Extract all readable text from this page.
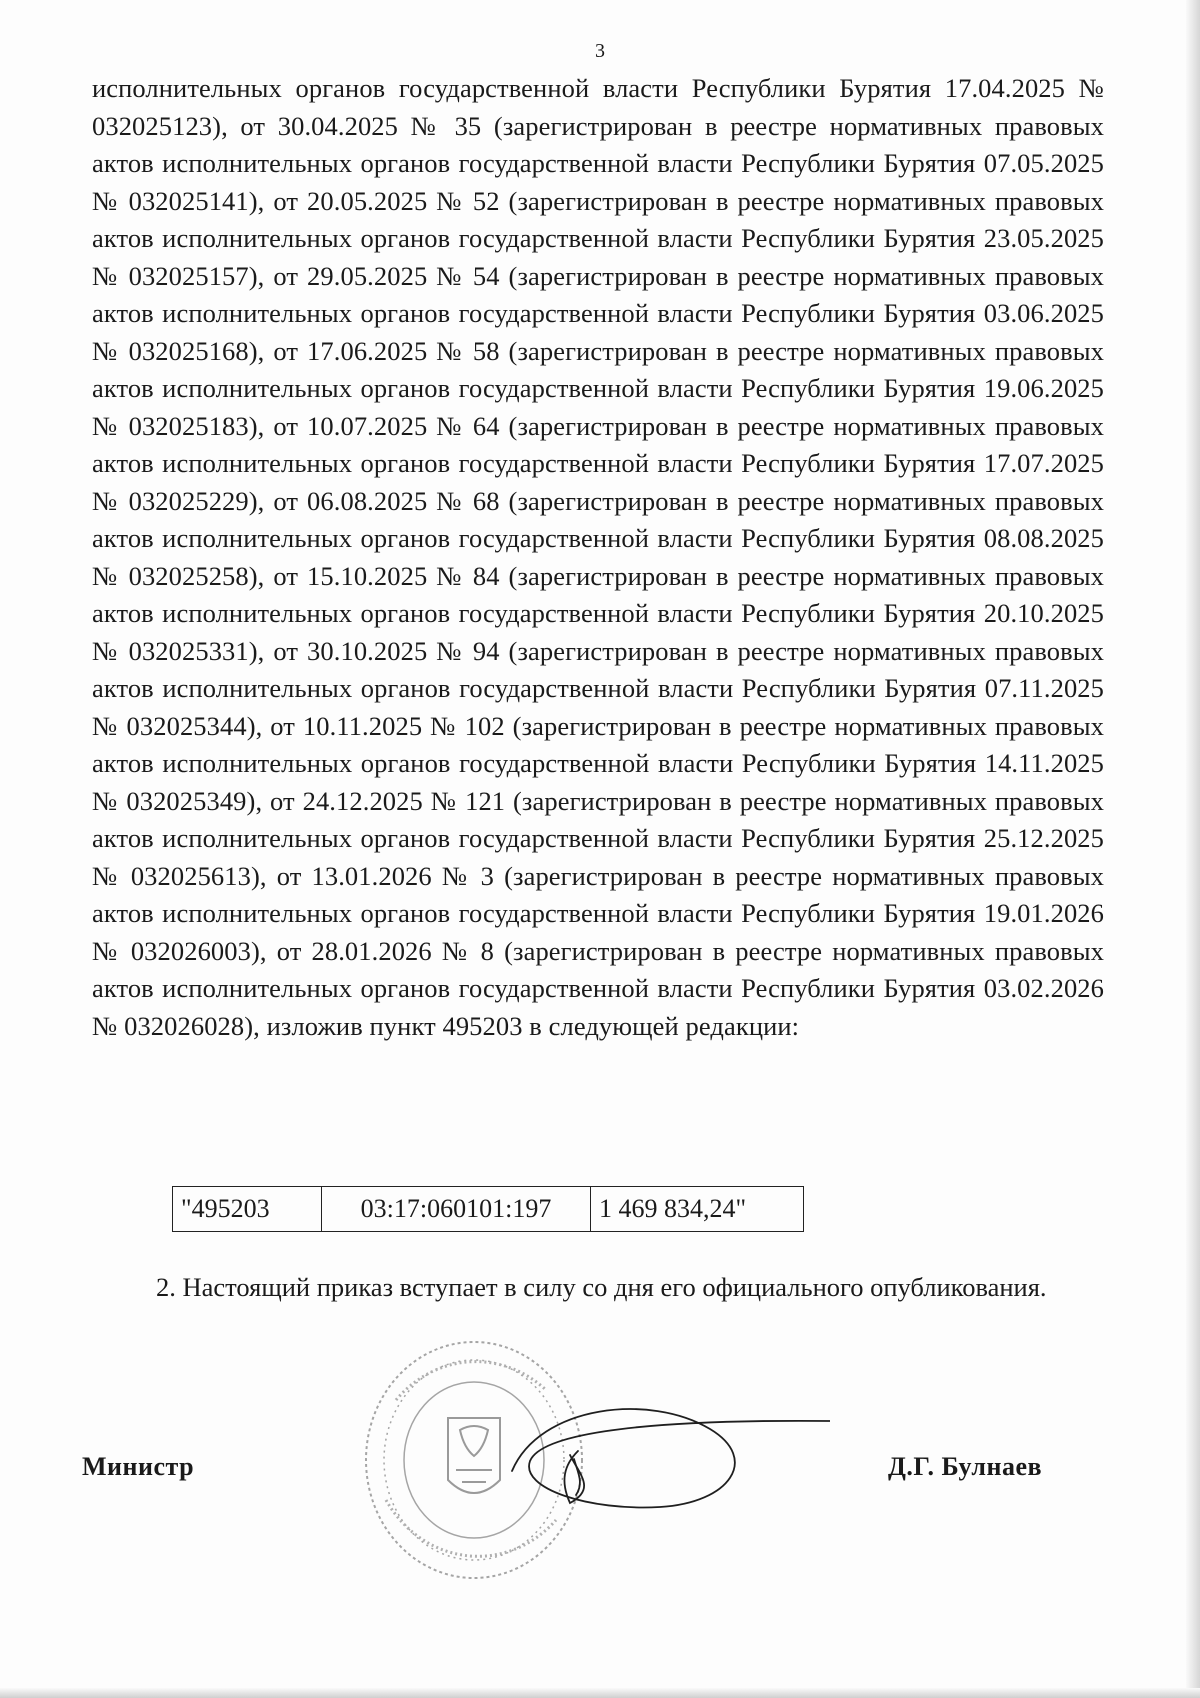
3

исполнительных органов государственной власти Республики Бурятия 17.04.2025 № 032025123), от 30.04.2025 № 35 (зарегистрирован в реестре нормативных правовых актов исполнительных органов государственной власти Республики Бурятия 07.05.2025 № 032025141), от 20.05.2025 № 52 (зарегистрирован в реестре нормативных правовых актов исполнительных органов государственной власти Республики Бурятия 23.05.2025 № 032025157), от 29.05.2025 № 54 (зарегистрирован в реестре нормативных правовых актов исполнительных органов государственной власти Республики Бурятия 03.06.2025 № 032025168), от 17.06.2025 № 58 (зарегистрирован в реестре нормативных правовых актов исполнительных органов государственной власти Республики Бурятия 19.06.2025 № 032025183), от 10.07.2025 № 64 (зарегистрирован в реестре нормативных правовых актов исполнительных органов государственной власти Республики Бурятия 17.07.2025 № 032025229), от 06.08.2025 № 68 (зарегистрирован в реестре нормативных правовых актов исполнительных органов государственной власти Республики Бурятия 08.08.2025 № 032025258), от 15.10.2025 № 84 (зарегистрирован в реестре нормативных правовых актов исполнительных органов государственной власти Республики Бурятия 20.10.2025 № 032025331), от 30.10.2025 № 94 (зарегистрирован в реестре нормативных правовых актов исполнительных органов государственной власти Республики Бурятия 07.11.2025 № 032025344), от 10.11.2025 № 102 (зарегистрирован в реестре нормативных правовых актов исполнительных органов государственной власти Республики Бурятия 14.11.2025 № 032025349), от 24.12.2025 № 121 (зарегистрирован в реестре нормативных правовых актов исполнительных органов государственной власти Республики Бурятия 25.12.2025 № 032025613), от 13.01.2026 № 3 (зарегистрирован в реестре нормативных правовых актов исполнительных органов государственной власти Республики Бурятия 19.01.2026 № 032026003), от 28.01.2026 № 8 (зарегистрирован в реестре нормативных правовых актов исполнительных органов государственной власти Республики Бурятия 03.02.2026 № 032026028), изложив пункт 495203 в следующей редакции:

"495203	03:17:060101:197	1 469 834,24"
2. Настоящий приказ вступает в силу со дня его официального опубликования.
Министр	Д.Г. Булнаев
